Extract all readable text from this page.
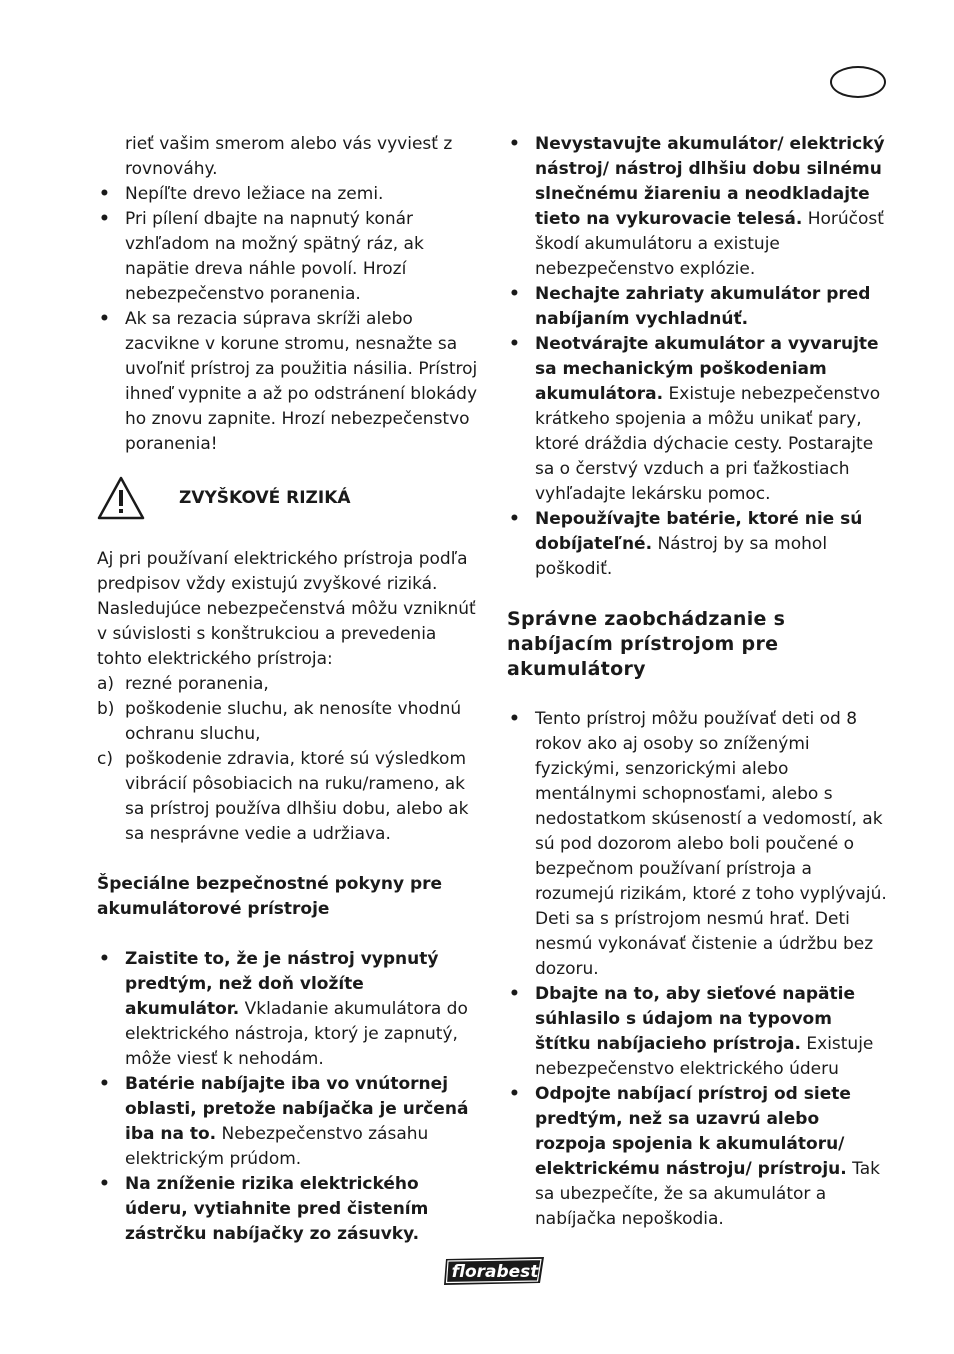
rieť vašim smerom alebo vás vyviesť z rovnováhy.
• Nepíľte drevo ležiace na zemi.
• Pri pílení dbajte na napnutý konár vzhľadom na možný spätný ráz, ak napätie dreva náhle povolí. Hrozí nebezpečenstvo poranenia.
• Ak sa rezacia súprava skríži alebo zacvikne v korune stromu, nesnažte sa uvoľniť prístroj za použitia násilia. Prístroj ihneď vypnite a až po odstránení blokády ho znovu zapnite. Hrozí nebezpečenstvo poranenia!
ZVYŠKOVÉ RIZIKÁ
Aj pri používaní elektrického prístroja podľa predpisov vždy existujú zvyškové riziká. Nasledujúce nebezpečenstvá môžu vzniknúť v súvislosti s konštrukciou a prevedenia tohto elektrického prístroja:
a) rezné poranenia,
b) poškodenie sluchu, ak nenosíte vhodnú ochranu sluchu,
c) poškodenie zdravia, ktoré sú výsledkom vibrácií pôsobiacich na ruku/rameno, ak sa prístroj používa dlhšiu dobu, alebo ak sa nesprávne vedie a udržiava.
Špeciálne bezpečnostné pokyny pre akumulátorové prístroje
• Zaistite to, že je nástroj vypnutý predtým, než doň vložíte akumulátor. Vkladanie akumulátora do elektrického nástroja, ktorý je zapnutý, môže viesť k nehodám.
• Batérie nabíjajte iba vo vnútornej oblasti, pretože nabíjačka je určená iba na to. Nebezpečenstvo zásahu elektrickým prúdom.
• Na zníženie rizika elektrického úderu, vytiahnite pred čistením zástrčku nabíjačky zo zásuvky.
• Nevystavujte akumulátor/ elektrický nástroj/ nástroj dlhšiu dobu silnému slnečnému žiareniu a neodkladajte tieto na vykurovacie telesá. Horúčosť škodí akumulátoru a existuje nebezpečenstvo explózie.
• Nechajte zahriaty akumulátor pred nabíjaním vychladnúť.
• Neotvárajte akumulátor a vyvarujte sa mechanickým poškodeniam akumulátora. Existuje nebezpečenstvo krátkeho spojenia a môžu unikať pary, ktoré dráždia dýchacie cesty. Postarajte sa o čerstvý vzduch a pri ťažkostiach vyhľadajte lekársku pomoc.
• Nepoužívajte batérie, ktoré nie sú dobíjateľné. Nástroj by sa mohol poškodiť.
Správne zaobchádzanie s nabíjacím prístrojom pre akumulátory
• Tento prístroj môžu používať deti od 8 rokov ako aj osoby so zníženými fyzickými, senzorickými alebo mentálnymi schopnosťami, alebo s nedostatkom skúseností a vedomostí, ak sú pod dozorom alebo boli poučené o bezpečnom používaní prístroja a rozumejú rizikám, ktoré z toho vyplývajú. Deti sa s prístrojom nesmú hrať. Deti nesmú vykonávať čistenie a údržbu bez dozoru.
• Dbajte na to, aby sieťové napätie súhlasilo s údajom na typovom štítku nabíjacieho prístroja. Existuje nebezpečenstvo elektrického úderu
• Odpojte nabíjací prístroj od siete predtým, než sa uzavrú alebo rozpoja spojenia k akumulátoru/ elektrickému nástroju/ prístroju. Tak sa ubezpečíte, že sa akumulátor a nabíjačka nepoškodia.
florabest
